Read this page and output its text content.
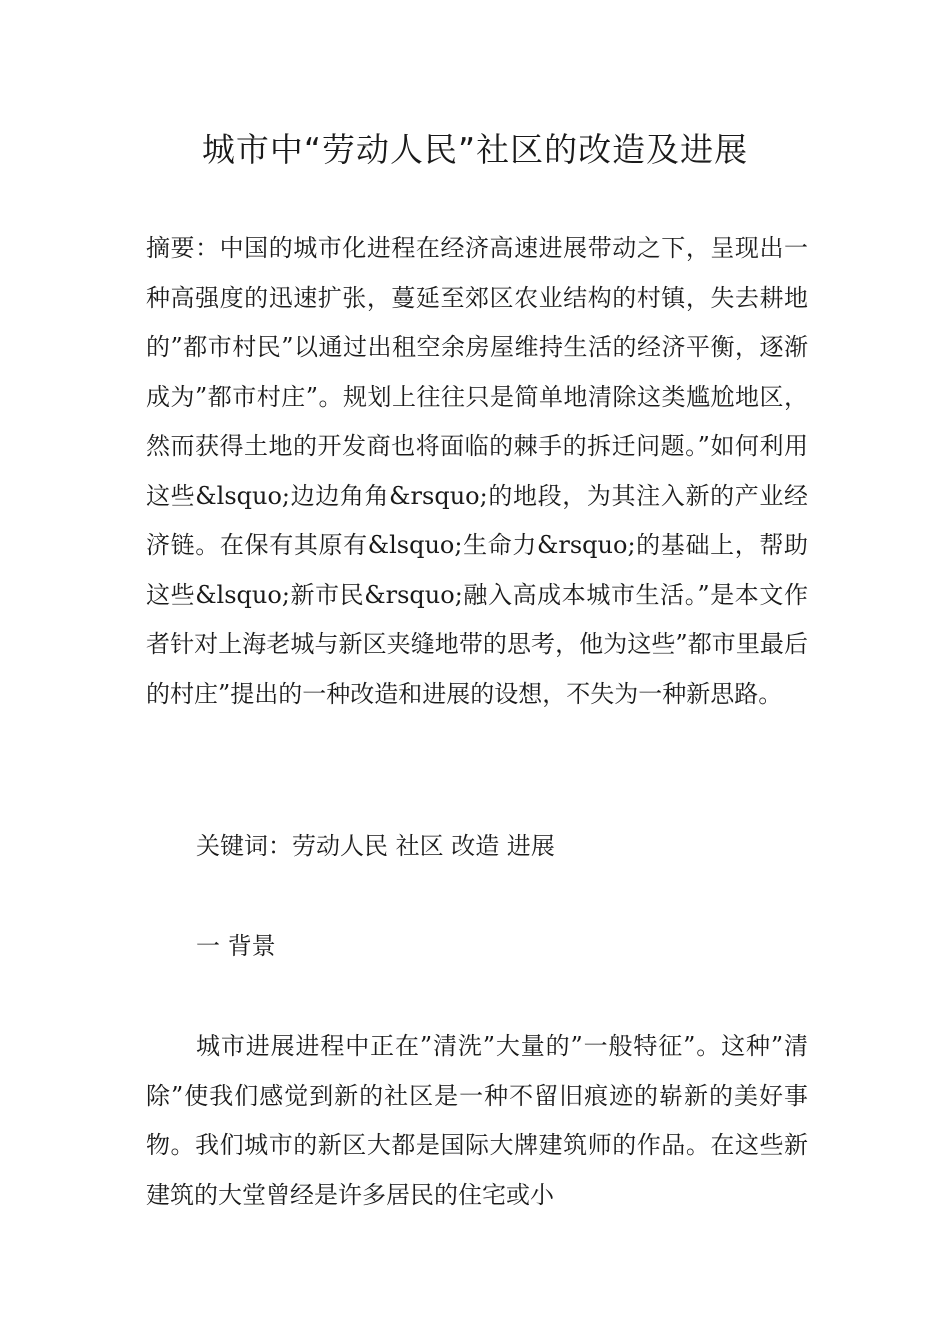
城市中“劳动人民”社区的改造及进展

摘要：中国的城市化进程在经济高速进展带动之下，呈现出一种高强度的迅速扩张，蔓延至郊区农业结构的村镇，失去耕地的”都市村民”以通过出租空余房屋维持生活的经济平衡，逐渐成为”都市村庄”。规划上往往只是简单地清除这类尴尬地区，然而获得土地的开发商也将面临的棘手的拆迁问题。”如何利用这些&lsquo;边边角角&rsquo;的地段，为其注入新的产业经济链。在保有其原有&lsquo;生命力&rsquo;的基础上，帮助这些&lsquo;新市民&rsquo;融入高成本城市生活。”是本文作者针对上海老城与新区夹缝地带的思考，他为这些”都市里最后的村庄”提出的一种改造和进展的设想，不失为一种新思路。

关键词：劳动人民 社区 改造 进展

一 背景

城市进展进程中正在”清洗”大量的”一般特征”。这种”清除”使我们感觉到新的社区是一种不留旧痕迹的崭新的美好事物。我们城市的新区大都是国际大牌建筑师的作品。在这些新建筑的大堂曾经是许多居民的住宅或小
